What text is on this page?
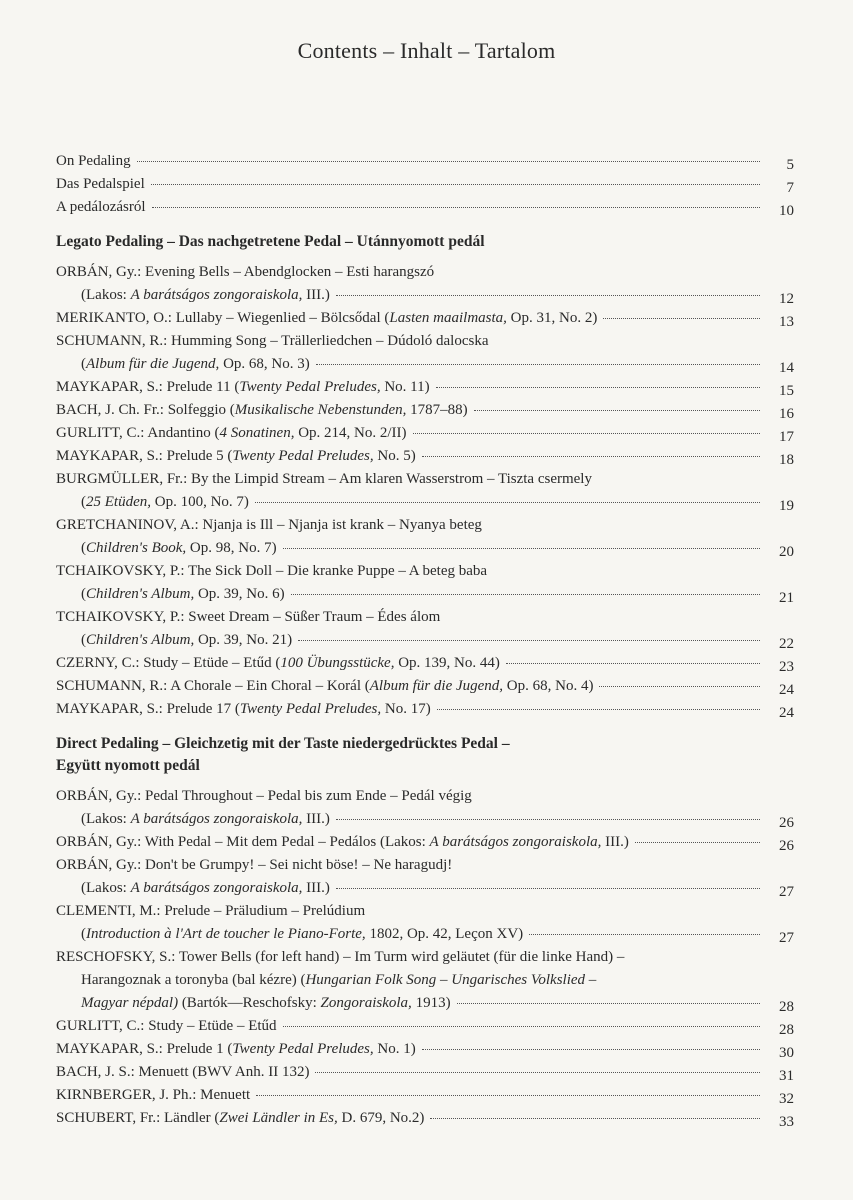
Contents – Inhalt – Tartalom
On Pedaling	5
Das Pedalspiel	7
A pedálozásról	10
Legato Pedaling – Das nachgetretene Pedal – Utánnyomott pedál
ORBÁN, Gy.: Evening Bells – Abendglocken – Esti harangszó
(Lakos: A barátságos zongoraiskola, III.)	12
MERIKANTO, O.: Lullaby – Wiegenlied – Bölcsődal (Lasten maailmasta, Op. 31, No. 2)	13
SCHUMANN, R.: Humming Song – Trällerliedchen – Dúdoló dalocska
(Album für die Jugend, Op. 68, No. 3)	14
MAYKAPAR, S.: Prelude 11 (Twenty Pedal Preludes, No. 11)	15
BACH, J. Ch. Fr.: Solfeggio (Musikalische Nebenstunden, 1787–88)	16
GURLITT, C.: Andantino (4 Sonatinen, Op. 214, No. 2/II)	17
MAYKAPAR, S.: Prelude 5 (Twenty Pedal Preludes, No. 5)	18
BURGMÜLLER, Fr.: By the Limpid Stream – Am klaren Wasserstrom – Tiszta csermely
(25 Etüden, Op. 100, No. 7)	19
GRETCHANINOV, A.: Njanja is Ill – Njanja ist krank – Nyanya beteg
(Children's Book, Op. 98, No. 7)	20
TCHAIKOVSKY, P.: The Sick Doll – Die kranke Puppe – A beteg baba
(Children's Album, Op. 39, No. 6)	21
TCHAIKOVSKY, P.: Sweet Dream – Süßer Traum – Édes álom
(Children's Album, Op. 39, No. 21)	22
CZERNY, C.: Study – Etüde – Etűd (100 Übungsstücke, Op. 139, No. 44)	23
SCHUMANN, R.: A Chorale – Ein Choral – Korál (Album für die Jugend, Op. 68, No. 4)	24
MAYKAPAR, S.: Prelude 17 (Twenty Pedal Preludes, No. 17)	24
Direct Pedaling – Gleichzetig mit der Taste niedergedrücktes Pedal –
Együtt nyomott pedál
ORBÁN, Gy.: Pedal Throughout – Pedal bis zum Ende – Pedál végig
(Lakos: A barátságos zongoraiskola, III.)	26
ORBÁN, Gy.: With Pedal – Mit dem Pedal – Pedálos (Lakos: A barátságos zongoraiskola, III.)	26
ORBÁN, Gy.: Don't be Grumpy! – Sei nicht böse! – Ne haragudj!
(Lakos: A barátságos zongoraiskola, III.)	27
CLEMENTI, M.: Prelude – Präludium – Prelúdium
(Introduction à l'Art de toucher le Piano-Forte, 1802, Op. 42, Leçon XV)	27
RESCHOFSKY, S.: Tower Bells (for left hand) – Im Turm wird geläutet (für die linke Hand) –
Harangoznak a toronyba (bal kézre) (Hungarian Folk Song – Ungarisches Volkslied –
Magyar népdal) (Bartók—Reschofsky: Zongoraiskola, 1913)	28
GURLITT, C.: Study – Etüde – Etűd	28
MAYKAPAR, S.: Prelude 1 (Twenty Pedal Preludes, No. 1)	30
BACH, J. S.: Menuett (BWV Anh. II 132)	31
KIRNBERGER, J. Ph.: Menuett	32
SCHUBERT, Fr.: Ländler (Zwei Ländler in Es, D. 679, No.2)	33
